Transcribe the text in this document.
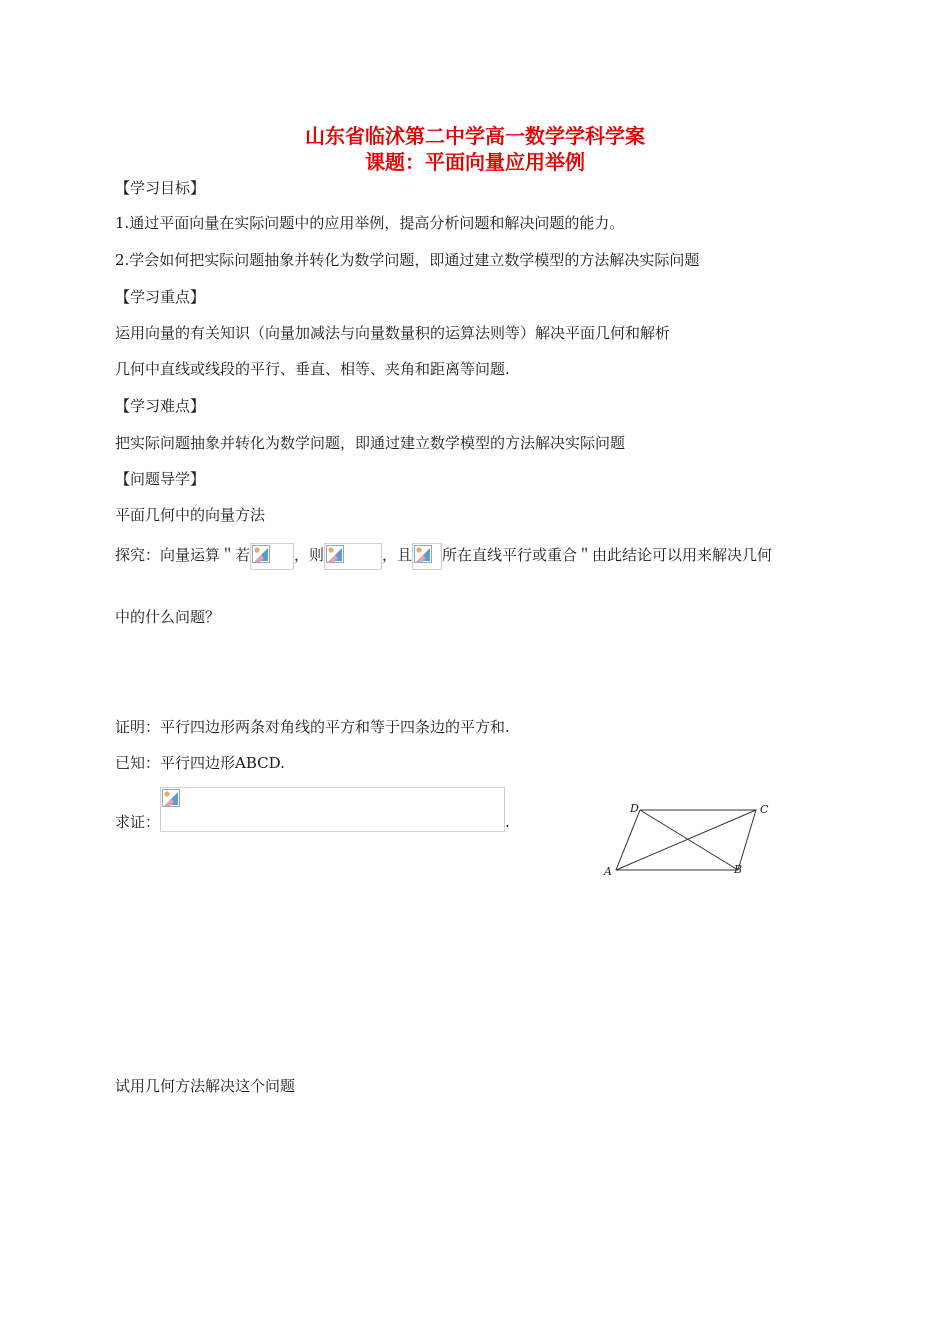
山东省临沭第二中学高一数学学科学案
课题：平面向量应用举例
【学习目标】
1.通过平面向量在实际问题中的应用举例，提高分析问题和解决问题的能力。
2.学会如何把实际问题抽象并转化为数学问题，即通过建立数学模型的方法解决实际问题
【学习重点】
运用向量的有关知识（向量加减法与向量数量积的运算法则等）解决平面几何和解析
几何中直线或线段的平行、垂直、相等、夹角和距离等问题.
【学习难点】
把实际问题抽象并转化为数学问题，即通过建立数学模型的方法解决实际问题
【问题导学】
平面几何中的向量方法
探究：向量运算＂若	，则	，且 所在直线平行或重合＂由此结论可以用来解决几何
中的什么问题？
证明：平行四边形两条对角线的平方和等于四条边的平方和.
已知：平行四边形ABCD.
求证：	.
A	B
C
D
试用几何方法解决这个问题
